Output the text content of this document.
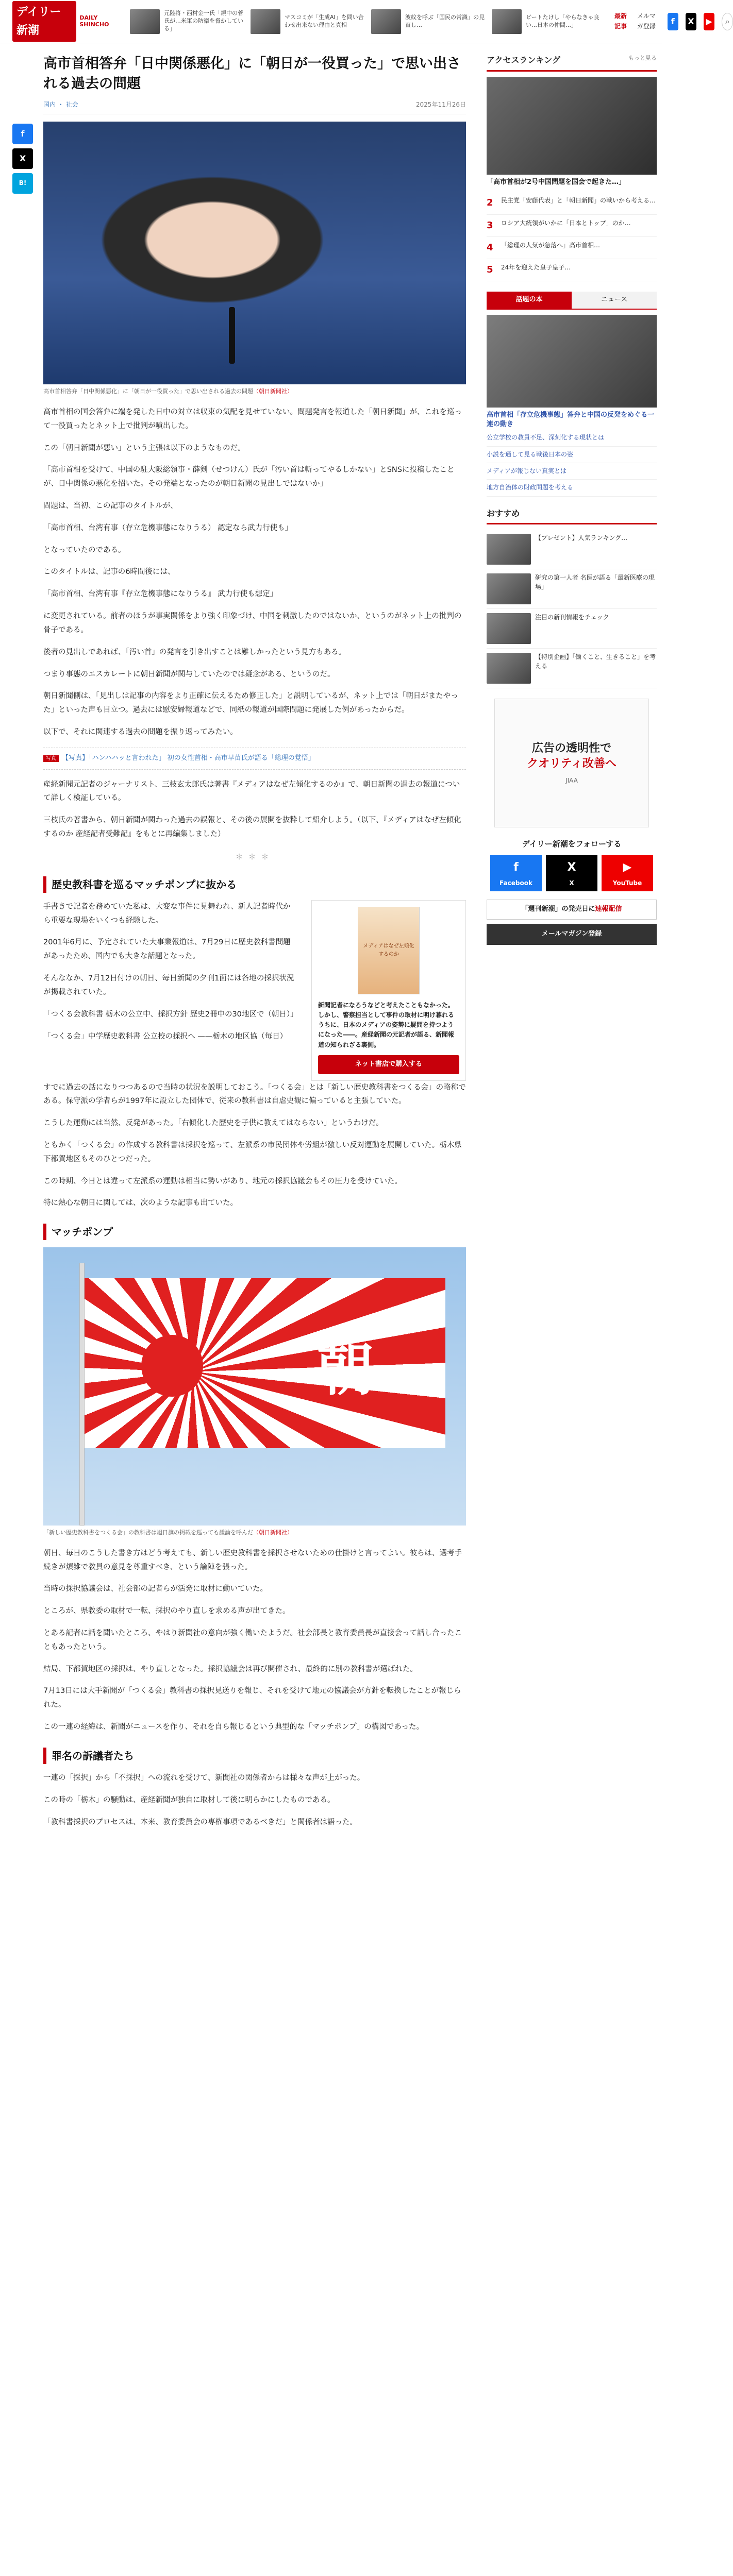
デイリー新潮
DAILY SHINCHO
元陸将・西村金一氏「親中の菅氏が…米軍の防衛を脅かしている」
マスコミが「生成AI」を問い合わせ出来ない理由と真相
波紋を呼ぶ「国民の常識」の見直し…
ビートたけし「やらなきゃ良い…日本の仲間…」
最新記事
メルマガ登録	f	X ▶	⌕
f
X
B!
高市首相答弁「日中関係悪化」に「朝日が一役買った」で思い出される過去の問題
国内 ・ 社会	2025年11月26日

高市首相答弁「日中関係悪化」に「朝日が一役買った」で思い出される過去の問題（朝日新聞社）

高市首相の国会答弁に端を発した日中の対立は収束の気配を見せていない。問題発言を報道した「朝日新聞」が、これを巡って一役買ったとネット上で批判が噴出した。

この「朝日新聞が悪い」という主張は以下のようなものだ。

「高市首相を受けて、中国の駐大阪総領事・薛剣（せつけん）氏が「汚い首は斬ってやるしかない」とSNSに投稿したことが、日中関係の悪化を招いた。その発端となったのが朝日新聞の見出しではないか」

問題は、当初、この記事のタイトルが、

「高市首相、台湾有事（存立危機事態になりうる） 認定なら武力行使も」

となっていたのである。

このタイトルは、記事の6時間後には、

「高市首相、台湾有事『存立危機事態になりうる』 武力行使も想定」

に変更されている。前者のほうが事実関係をより強く印象づけ、中国を刺激したのではないか、というのがネット上の批判の骨子である。

後者の見出しであれば、「汚い首」の発言を引き出すことは難しかったという見方もある。

つまり事態のエスカレートに朝日新聞が関与していたのでは疑念がある、というのだ。

朝日新聞側は、「見出しは記事の内容をより正確に伝えるため修正した」と説明しているが、ネット上では「朝日がまたやった」といった声も目立つ。過去には慰安婦報道などで、同紙の報道が国際問題に発展した例があったからだ。

以下で、それに関連する過去の問題を振り返ってみたい。

写真 【写真】「ハンハハッと言われた」 初の女性首相・高市早苗氏が語る「総理の覚悟」

産経新聞元記者のジャーナリスト、三枝玄太郎氏は著書『メディアはなぜ左傾化するのか』で、朝日新聞の過去の報道について詳しく検証している。

三枝氏の著書から、朝日新聞が関わった過去の誤報と、その後の展開を抜粋して紹介しよう。（以下、『メディアはなぜ左傾化するのか 産経記者受難記』をもとに再編集しました）

＊＊＊
歴史教科書を巡るマッチポンプに抜かる

手書きで記者を務めていた私は、大変な事件に見舞われ、新人記者時代から重要な現場をいくつも経験した。

2001年6月に、予定されていた大事業報道は、7月29日に歴史教科書問題があったため、国内でも大きな話題となった。

そんななか、7月12日付けの朝日、毎日新聞の夕刊1面には各地の採択状況が掲載されていた。

「つくる会教科書 栃木の公立中、採択方針 歴史2冊中の30地区で（朝日）」

「つくる会」中学歴史教科書 公立校の採択へ ——栃木の地区協（毎日）

メディアはなぜ左傾化するのか

新聞記者になろうなどと考えたこともなかった。しかし、警察担当として事件の取材に明け暮れるうちに、日本のメディアの姿勢に疑問を持つようになった――。産経新聞の元記者が語る、新聞報道の知られざる裏側。

ネット書店で購入する

すでに過去の話になりつつあるので当時の状況を説明しておこう。「つくる会」とは「新しい歴史教科書をつくる会」の略称である。保守派の学者らが1997年に設立した団体で、従来の教科書は自虐史観に偏っていると主張していた。

こうした運動には当然、反発があった。「右傾化した歴史を子供に教えてはならない」というわけだ。

ともかく「つくる会」の作成する教科書は採択を巡って、左派系の市民団体や労組が激しい反対運動を展開していた。栃木県下都賀地区もそのひとつだった。

この時期、今日とは違って左派系の運動は相当に勢いがあり、地元の採択協議会もその圧力を受けていた。

特に熱心な朝日に関しては、次のような記事も出ていた。

マッチポンプ
朝

「新しい歴史教科書をつくる会」の教科書は旭日旗の掲載を巡っても議論を呼んだ（朝日新聞社）

朝日、毎日のこうした書き方はどう考えても、新しい歴史教科書を採択させないための仕掛けと言ってよい。彼らは、選考手続きが煩雑で教員の意見を尊重すべき、という論陣を張った。

当時の採択協議会は、社会部の記者らが活発に取材に動いていた。

ところが、県教委の取材で一転、採択のやり直しを求める声が出てきた。

とある記者に話を聞いたところ、やはり新聞社の意向が強く働いたようだ。社会部長と教育委員長が直接会って話し合ったこともあったという。

結局、下都賀地区の採択は、やり直しとなった。採択協議会は再び開催され、最終的に別の教科書が選ばれた。

7月13日には大手新聞が「つくる会」教科書の採択見送りを報じ、それを受けて地元の協議会が方針を転換したことが報じられた。

この一連の経緯は、新聞がニュースを作り、それを自ら報じるという典型的な「マッチポンプ」の構図であった。

罪名の訴議者たち

一連の「採択」から「不採択」への流れを受けて、新聞社の関係者からは様々な声が上がった。

この時の「栃木」の騒動は、産経新聞が独自に取材して後に明らかにしたものである。

「教科書採択のプロセスは、本来、教育委員会の専権事項であるべきだ」と関係者は語った。

アクセスランキング	もっと見る

「高市首相が2号中国問題を国会で起きた…」

2	民主党「安藤代表」と「朝日新聞」の戦いから考える…
3	ロシア大統領がいかに「日本とトップ」のか…
4	「総理の人気が急落へ」高市首相…
5	24年を迎えた皇子皇子…
話題の本	ニュース

高市首相「存立危機事態」答弁と中国の反発をめぐる一連の動き

公立学校の教員不足、深刻化する現状とは
小説を通して見る戦後日本の姿
メディアが報じない真実とは
地方自治体の財政問題を考える
おすすめ
【プレゼント】人気ランキング…
研究の第一人者 名医が語る「最新医療の現場」
注目の新刊情報をチェック
【特別企画】「働くこと、生きること」を考える
広告の透明性で
クオリティ改善へ
JIAA
デイリー新潮をフォローする
f
Facebook
X
X
▶
YouTube
「週刊新潮」の発売日に速報配信
メールマガジン登録
